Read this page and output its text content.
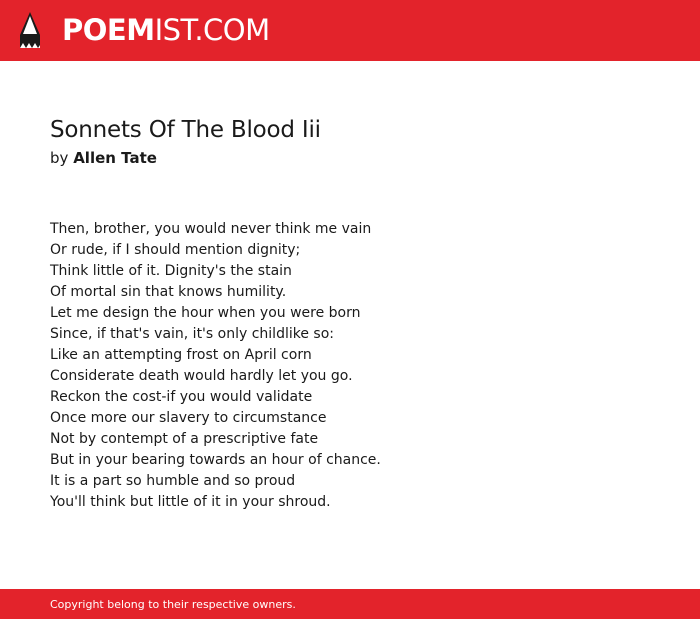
POEMIST.COM
Sonnets Of The Blood Iii
by Allen Tate
Then, brother, you would never think me vain
Or rude, if I should mention dignity;
Think little of it. Dignity's the stain
Of mortal sin that knows humility.
Let me design the hour when you were born
Since, if that's vain, it's only childlike so:
Like an attempting frost on April corn
Considerate death would hardly let you go.
Reckon the cost-if you would validate
Once more our slavery to circumstance
Not by contempt of a prescriptive fate
But in your bearing towards an hour of chance.
It is a part so humble and so proud
You'll think but little of it in your shroud.
Copyright belong to their respective owners.
